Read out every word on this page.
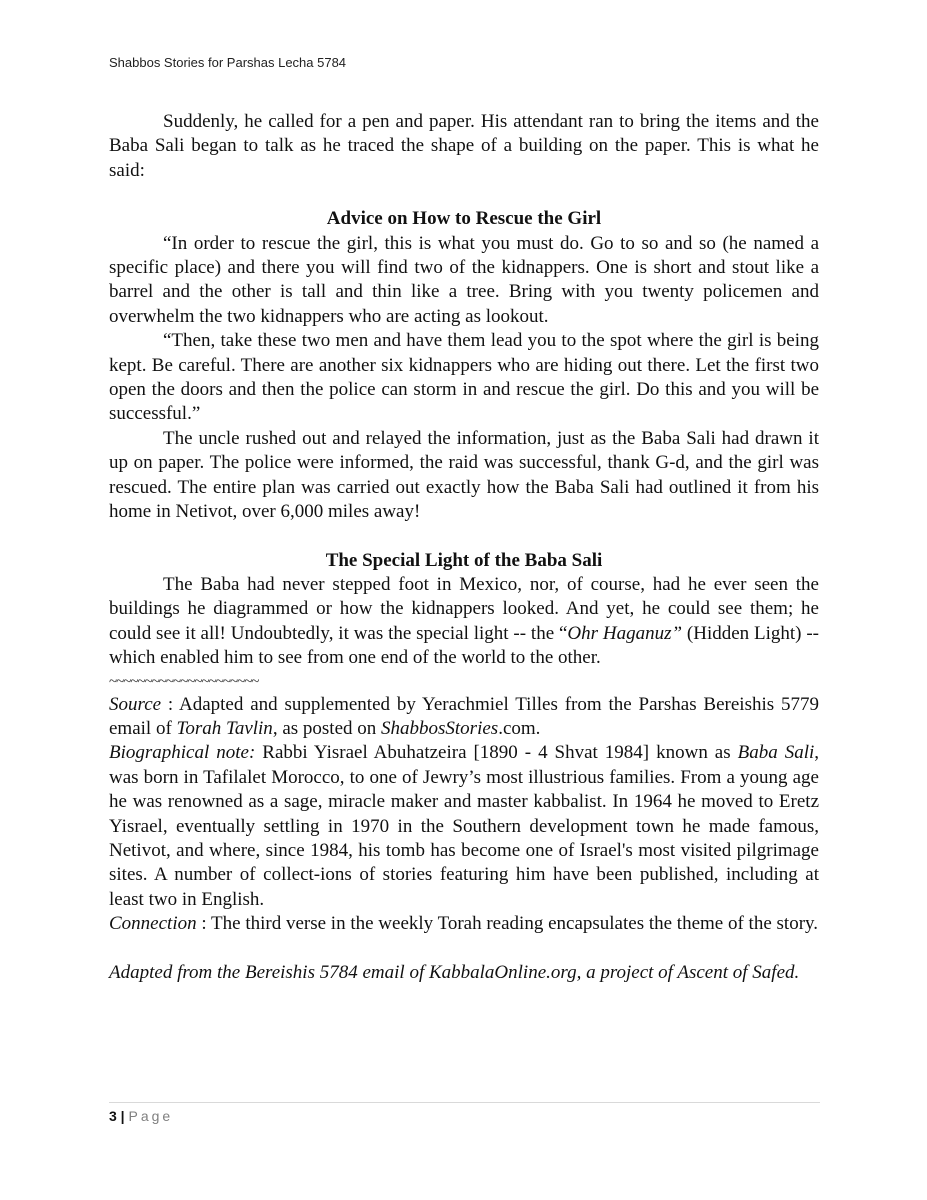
Shabbos Stories for Parshas Lecha 5784

Suddenly, he called for a pen and paper. His attendant ran to bring the items and the Baba Sali began to talk as he traced the shape of a building on the paper. This is what he said:

Advice on How to Rescue the Girl

“In order to rescue the girl, this is what you must do. Go to so and so (he named a specific place) and there you will find two of the kidnappers. One is short and stout like a barrel and the other is tall and thin like a tree. Bring with you twenty policemen and overwhelm the two kidnappers who are acting as lookout.

“Then, take these two men and have them lead you to the spot where the girl is being kept. Be careful. There are another six kidnappers who are hiding out there. Let the first two open the doors and then the police can storm in and rescue the girl. Do this and you will be successful.”

The uncle rushed out and relayed the information, just as the Baba Sali had drawn it up on paper. The police were informed, the raid was successful, thank G-d, and the girl was rescued. The entire plan was carried out exactly how the Baba Sali had outlined it from his home in Netivot, over 6,000 miles away!

The Special Light of the Baba Sali

The Baba had never stepped foot in Mexico, nor, of course, had he ever seen the buildings he diagrammed or how the kidnappers looked. And yet, he could see them; he could see it all! Undoubtedly, it was the special light -- the “Ohr Haganuz” (Hidden Light) -- which enabled him to see from one end of the world to the other.

~~~~~~~~~~~~~~~~~~~~~

Source : Adapted and supplemented by Yerachmiel Tilles from the Parshas Bereishis 5779 email of Torah Tavlin, as posted on ShabbosStories.com.

Biographical note: Rabbi Yisrael Abuhatzeira [1890 - 4 Shvat 1984] known as Baba Sali, was born in Tafilalet Morocco, to one of Jewry’s most illustrious families. From a young age he was renowned as a sage, miracle maker and master kabbalist. In 1964 he moved to Eretz Yisrael, eventually settling in 1970 in the Southern development town he made famous, Netivot, and where, since 1984, his tomb has become one of Israel's most visited pilgrimage sites. A number of collect-ions of stories featuring him have been published, including at least two in English.

Connection : The third verse in the weekly Torah reading encapsulates the theme of the story.

Adapted from the Bereishis 5784 email of KabbalaOnline.org, a project of Ascent of Safed.

3 | Page
